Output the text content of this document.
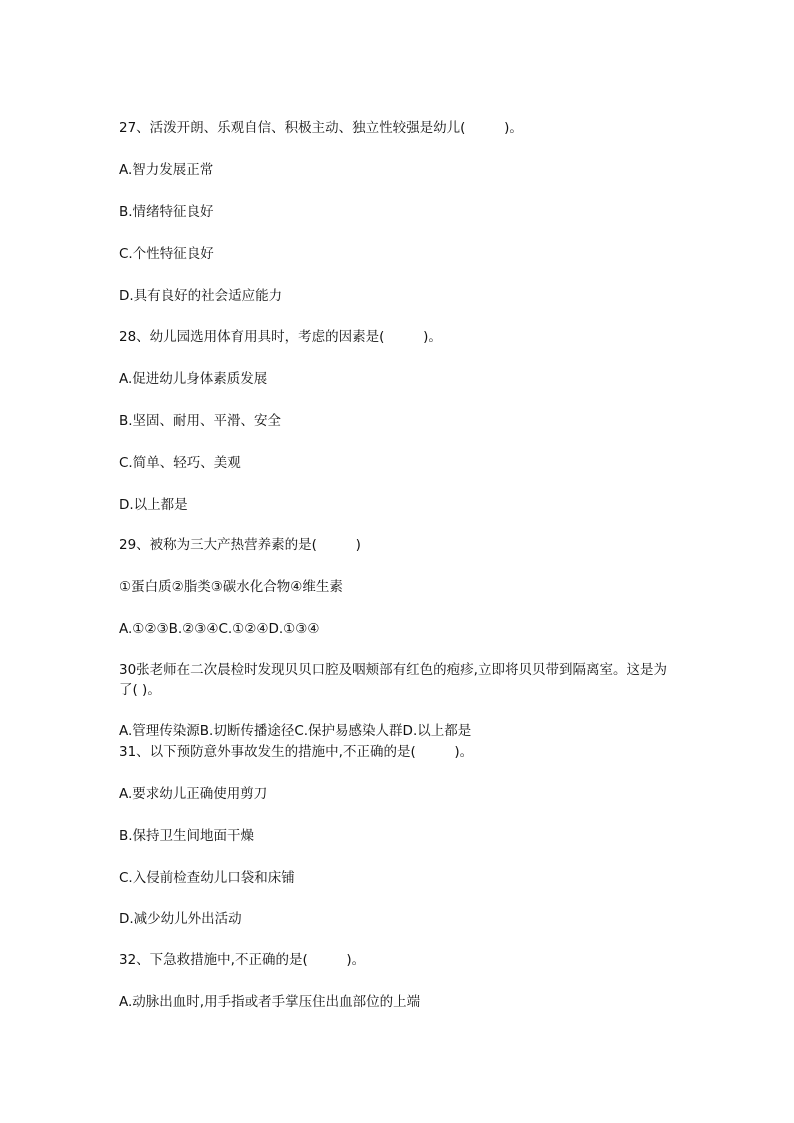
27、活泼开朗、乐观自信、积极主动、独立性较强是幼儿(         )。

A.智力发展正常

B.情绪特征良好

C.个性特征良好

D.具有良好的社会适应能力

28、幼儿园选用体育用具时，考虑的因素是(         )。

A.促进幼儿身体素质发展

B.坚固、耐用、平滑、安全

C.简单、轻巧、美观

D.以上都是

29、被称为三大产热营养素的是(         )

①蛋白质②脂类③碳水化合物④维生素

A.①②③B.②③④C.①②④D.①③④

30张老师在二次晨检时发现贝贝口腔及咽颊部有红色的疱疹,立即将贝贝带到隔离室。这是为了( )。

A.管理传染源B.切断传播途径C.保护易感染人群D.以上都是

31、以下预防意外事故发生的措施中,不正确的是(         )。

A.要求幼儿正确使用剪刀

B.保持卫生间地面干燥

C.入侵前检查幼儿口袋和床铺

D.减少幼儿外出活动

32、下急救措施中,不正确的是(         )。

A.动脉出血时,用手指或者手掌压住出血部位的上端
